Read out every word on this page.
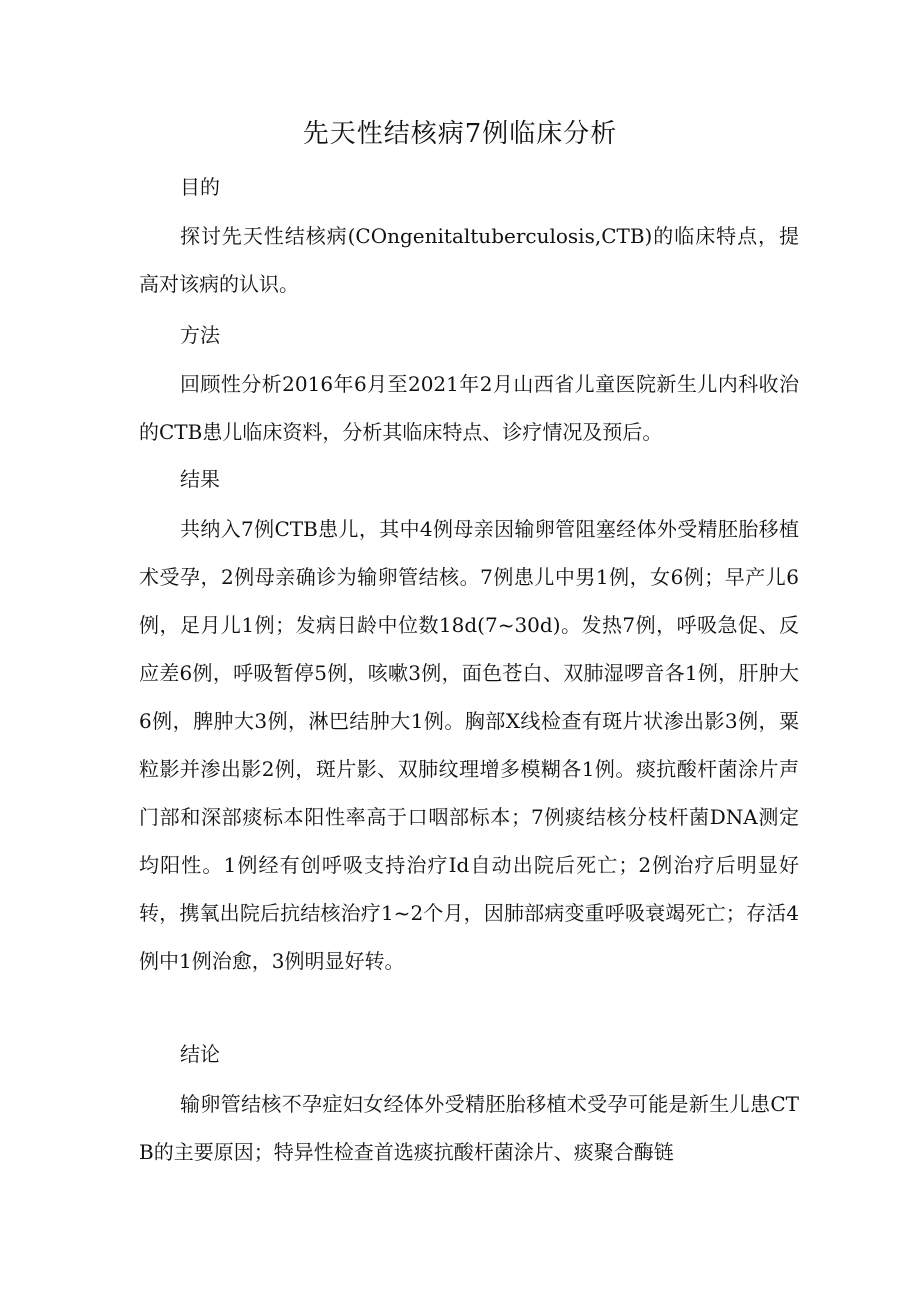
先天性结核病7例临床分析
目的
探讨先天性结核病(COngenitaltuberculosis,CTB)的临床特点，提高对该病的认识。
方法
回顾性分析2016年6月至2021年2月山西省儿童医院新生儿内科收治的CTB患儿临床资料，分析其临床特点、诊疗情况及预后。
结果
共纳入7例CTB患儿，其中4例母亲因输卵管阻塞经体外受精胚胎移植术受孕，2例母亲确诊为输卵管结核。7例患儿中男1例，女6例；早产儿6例，足月儿1例；发病日龄中位数18d(7~30d)。发热7例，呼吸急促、反应差6例，呼吸暂停5例，咳嗽3例，面色苍白、双肺湿啰音各1例，肝肿大6例，脾肿大3例，淋巴结肿大1例。胸部X线检查有斑片状渗出影3例，粟粒影并渗出影2例，斑片影、双肺纹理增多模糊各1例。痰抗酸杆菌涂片声门部和深部痰标本阳性率高于口咽部标本；7例痰结核分枝杆菌DNA测定均阳性。1例经有创呼吸支持治疗Id自动出院后死亡；2例治疗后明显好转，携氧出院后抗结核治疗1~2个月，因肺部病变重呼吸衰竭死亡；存活4例中1例治愈，3例明显好转。
结论
输卵管结核不孕症妇女经体外受精胚胎移植术受孕可能是新生儿患CTB的主要原因；特异性检查首选痰抗酸杆菌涂片、痰聚合酶链
